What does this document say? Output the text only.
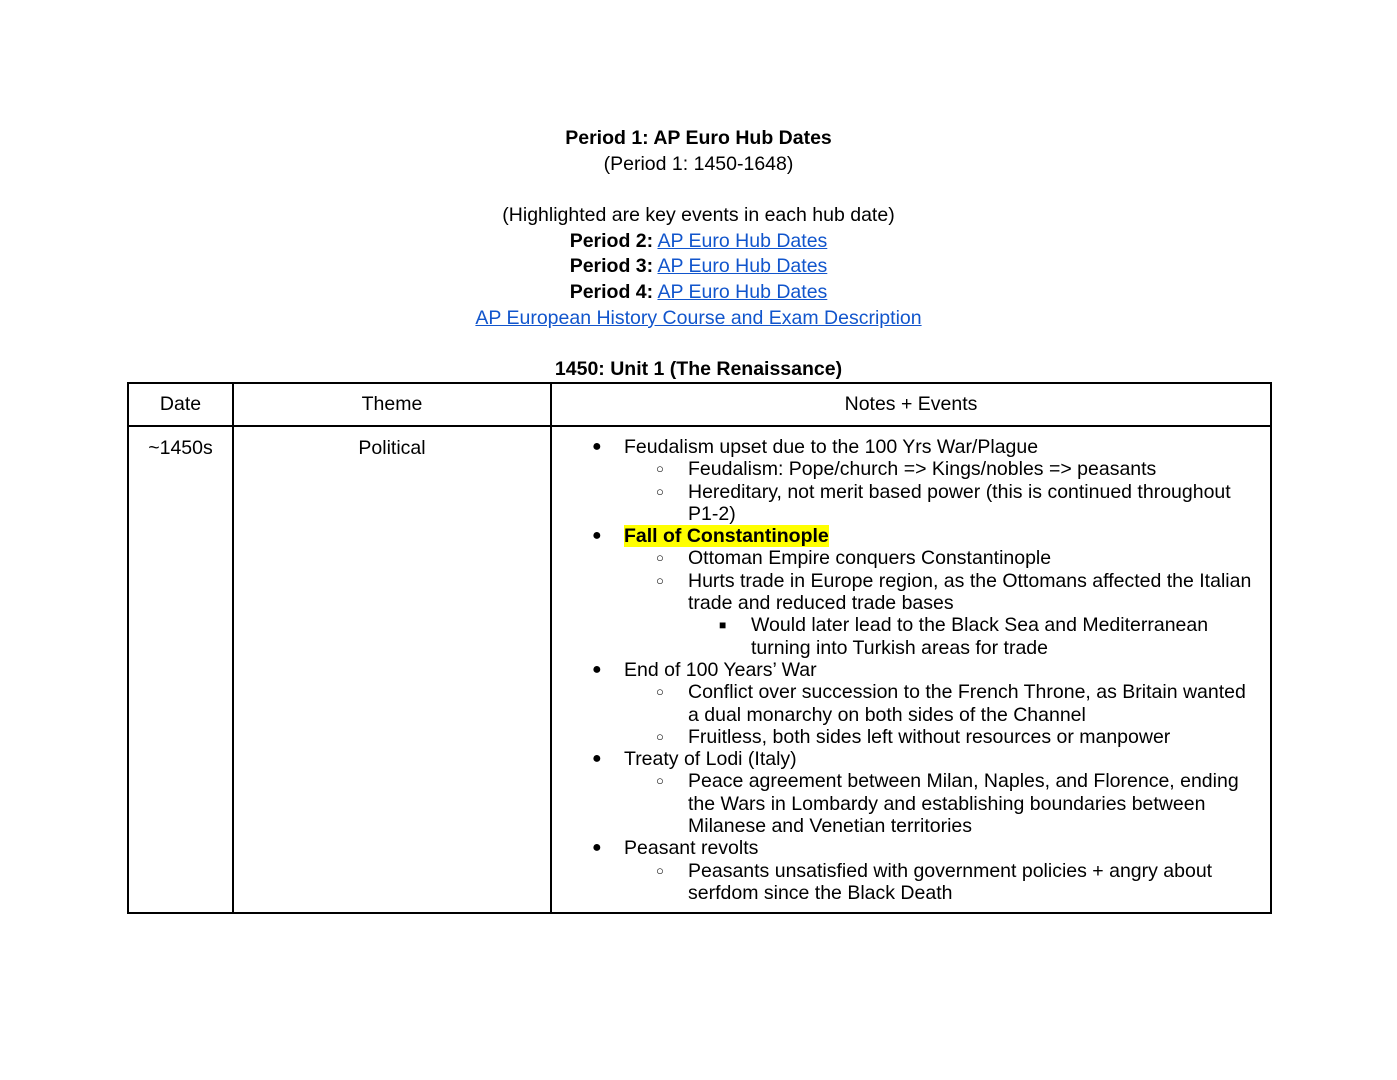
Period 1: AP Euro Hub Dates
(Period 1: 1450-1648)
(Highlighted are key events in each hub date)
Period 2: AP Euro Hub Dates
Period 3: AP Euro Hub Dates
Period 4: AP Euro Hub Dates
AP European History Course and Exam Description
1450: Unit 1 (The Renaissance)
Date	Theme	Notes + Events
~1450s	Political	● Feudalism upset due to the 100 Yrs War/Plague
○ Feudalism: Pope/church => Kings/nobles => peasants
○ Hereditary, not merit based power (this is continued throughout P1-2)
● Fall of Constantinople
○ Ottoman Empire conquers Constantinople
○ Hurts trade in Europe region, as the Ottomans affected the Italian trade and reduced trade bases
■ Would later lead to the Black Sea and Mediterranean turning into Turkish areas for trade
● End of 100 Years’ War
○ Conflict over succession to the French Throne, as Britain wanted a dual monarchy on both sides of the Channel
○ Fruitless, both sides left without resources or manpower
● Treaty of Lodi (Italy)
○ Peace agreement between Milan, Naples, and Florence, ending the Wars in Lombardy and establishing boundaries between Milanese and Venetian territories
● Peasant revolts
○ Peasants unsatisfied with government policies + angry about serfdom since the Black Death
